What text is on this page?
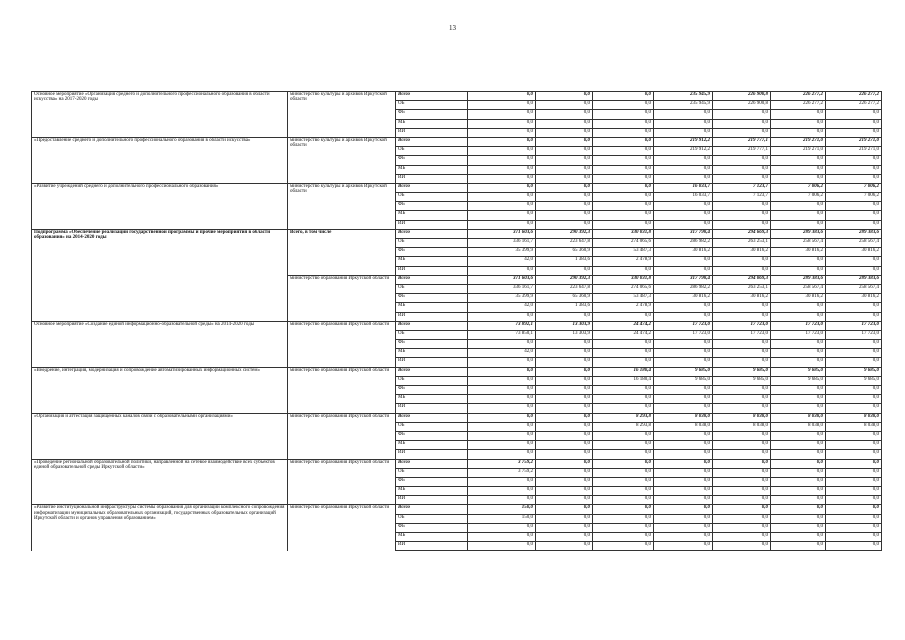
13
Основное мероприятие «Организация среднего и дополнительного профессионального образования в области искусства» на 2017-2020 годы	министерство культуры и архивов Иркутской области	Всего	0,0	0,0	0,0	235 945,9	226 900,8	226 277,2	226 277,2
		ОБ	0,0	0,0	0,0	235 945,9	226 900,8	226 277,2	226 277,2
		ФБ	0,0	0,0	0,0	0,0	0,0	0,0	0,0
		МБ	0,0	0,0	0,0	0,0	0,0	0,0	0,0
		ИИ	0,0	0,0	0,0	0,0	0,0	0,0	0,0
«Предоставление среднего и дополнительного профессионального образования в области искусства»	министерство культуры и архивов Иркутской области	Всего	0,0	0,0	0,0	219 912,2	219 777,1	219 271,0	219 271,0
		ОБ	0,0	0,0	0,0	219 912,2	219 777,1	219 271,0	219 271,0
		ФБ	0,0	0,0	0,0	0,0	0,0	0,0	0,0
		МБ	0,0	0,0	0,0	0,0	0,0	0,0	0,0
		ИИ	0,0	0,0	0,0	0,0	0,0	0,0	0,0
«Развитие учреждений среднего и дополнительного профессионального образования»	министерство культуры и архивов Иркутской области	Всего	0,0	0,0	0,0	16 033,7	7 123,7	7 006,2	7 006,2
		ОБ	0,0	0,0	0,0	16 033,7	7 123,7	7 006,2	7 006,2
		ФБ	0,0	0,0	0,0	0,0	0,0	0,0	0,0
		МБ	0,0	0,0	0,0	0,0	0,0	0,0	0,0
		ИИ	0,0	0,0	0,0	0,0	0,0	0,0	0,0
Подпрограмма «Обеспечение реализации государственной программы и прочие мероприятия в области образования» на 2014-2020 годы	Всего, в том числе	Всего	371 603,6	290 392,3	330 031,8	317 798,4	294 669,3	289 383,6	289 383,6
		ОБ	336 161,7	223 647,8	274 065,6	286 982,2	263 253,1	258 567,4	258 567,4
		ФБ	35 399,9	65 360,9	53 487,3	30 816,2	30 816,2	30 816,2	30 816,2
		МБ	42,0	1 383,6	2 478,9	0,0	0,0	0,0	0,0
		ИИ	0,0	0,0	0,0	0,0	0,0	0,0	0,0
	министерство образования Иркутской области	Всего	371 603,6	290 392,3	330 031,8	317 798,4	294 069,3	289 383,6	289 383,6
		ОБ	336 161,7	223 647,8	274 065,6	286 982,2	263 253,1	258 567,4	258 567,4
		ФБ	35 399,9	65 360,9	53 487,3	30 816,2	30 816,2	30 816,2	30 816,2
		МБ	42,0	1 383,6	2 478,9	0,0	0,0	0,0	0,0
		ИИ	0,0	0,0	0,0	0,0	0,0	0,0	0,0
Основное мероприятие «Создание единой информационно-образовательной среды» на 2014-2020 годы	министерство образования Иркутской области	Всего	73 892,1	13 303,9	24 474,2	17 723,0	17 723,0	17 723,0	17 723,0
		ОБ	73 850,1	13 303,9	24 474,2	17 723,0	17 723,0	17 723,0	17 723,0
		ФБ	0,0	0,0	0,0	0,0	0,0	0,0	0,0
		МБ	42,0	0,0	0,0	0,0	0,0	0,0	0,0
		ИИ	0,0	0,0	0,0	0,0	0,0	0,0	0,0
«Внедрение, интеграция, модернизация и сопровождение автоматизированных информационных систем»	министерство образования Иркутской области	Всего	0,0	0,0	16 180,4	9 685,0	9 685,0	9 685,0	9 685,0
		ОБ	0,0	0,0	16 180,4	9 685,0	9 685,0	9 685,0	9 685,0
		ФБ	0,0	0,0	0,0	0,0	0,0	0,0	0,0
		МБ	0,0	0,0	0,0	0,0	0,0	0,0	0,0
		ИИ	0,0	0,0	0,0	0,0	0,0	0,0	0,0
«Организация и аттестация защищенных каналов связи с образовательными организациями»	министерство образования Иркутской области	Всего	0,0	0,0	8 293,8	8 038,0	8 038,0	8 038,0	8 038,0
		ОБ	0,0	0,0	8 293,8	8 038,0	8 038,0	8 038,0	8 038,0
		ФБ	0,0	0,0	0,0	0,0	0,0	0,0	0,0
		МБ	0,0	0,0	0,0	0,0	0,0	0,0	0,0
		ИИ	0,0	0,0	0,0	0,0	0,0	0,0	0,0
«Проведение региональной образовательной политики, направленной на сетевое взаимодействие всех субъектов единой образовательной среды Иркутской области»	министерство образования Иркутской области	Всего	3 759,2	0,0	0,0	0,0	0,0	0,0	0,0
		ОБ	3 759,2	0,0	0,0	0,0	0,0	0,0	0,0
		ФБ	0,0	0,0	0,0	0,0	0,0	0,0	0,0
		МБ	0,0	0,0	0,0	0,0	0,0	0,0	0,0
		ИИ	0,0	0,0	0,0	0,0	0,0	0,0	0,0
«Развитие институциональной инфраструктуры системы образования для организации комплексного сопровождения информатизации муниципальных образовательных организаций, государственных образовательных организаций Иркутской области и органов управления образованием»	министерство образования Иркутской области	Всего	150,0	0,0	0,0	0,0	0,0	0,0	0,0
		ОБ	150,0	0,0	0,0	0,0	0,0	0,0	0,0
		ФБ	0,0	0,0	0,0	0,0	0,0	0,0	0,0
		МБ	0,0	0,0	0,0	0,0	0,0	0,0	0,0
		ИИ	0,0	0,0	0,0	0,0	0,0	0,0	0,0
